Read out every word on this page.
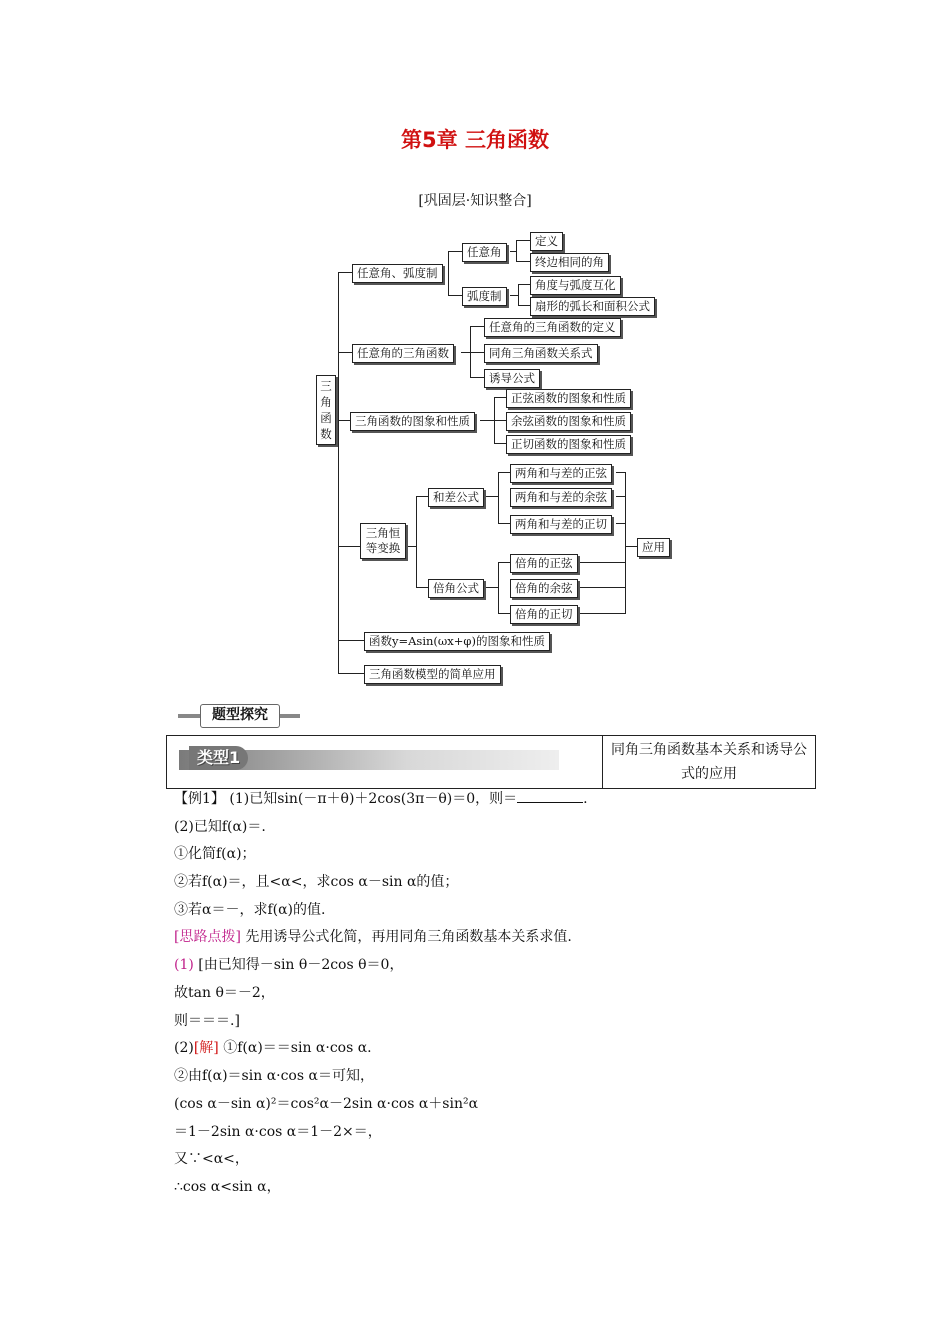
第5章 三角函数
[巩固层·知识整合]
三角函数
任意角、弧度制
任意角
定义
终边相同的角
弧度制
角度与弧度互化
扇形的弧长和面积公式
任意角的三角函数
任意角的三角函数的定义
同角三角函数关系式
诱导公式
三角函数的图象和性质
正弦函数的图象和性质
余弦函数的图象和性质
正切函数的图象和性质
三角恒等变换
和差公式
两角和与差的正弦
两角和与差的余弦
两角和与差的正切
倍角公式
倍角的正弦
倍角的余弦
倍角的正切
应用
函数y=Asin(ωx+φ)的图象和性质
三角函数模型的简单应用
题型探究
类型1	同角三角函数基本关系和诱导公式的应用
【例1】 (1)已知sin(－π＋θ)＋2cos(3π－θ)＝0，则＝	.
(2)已知f(α)＝.
①化简f(α)；
②若f(α)＝，且<α<，求cos α－sin α的值；
③若α＝－，求f(α)的值.
[思路点拨] 先用诱导公式化简，再用同角三角函数基本关系求值.
(1) [由已知得－sin θ－2cos θ＝0，
故tan θ＝－2，
则＝＝＝.]
(2)[解] ①f(α)＝＝sin α·cos α.
②由f(α)＝sin α·cos α＝可知，
(cos α－sin α)²＝cos²α－2sin α·cos α＋sin²α
＝1－2sin α·cos α＝1－2×＝，
又∵<α<，
∴cos α<sin α，
